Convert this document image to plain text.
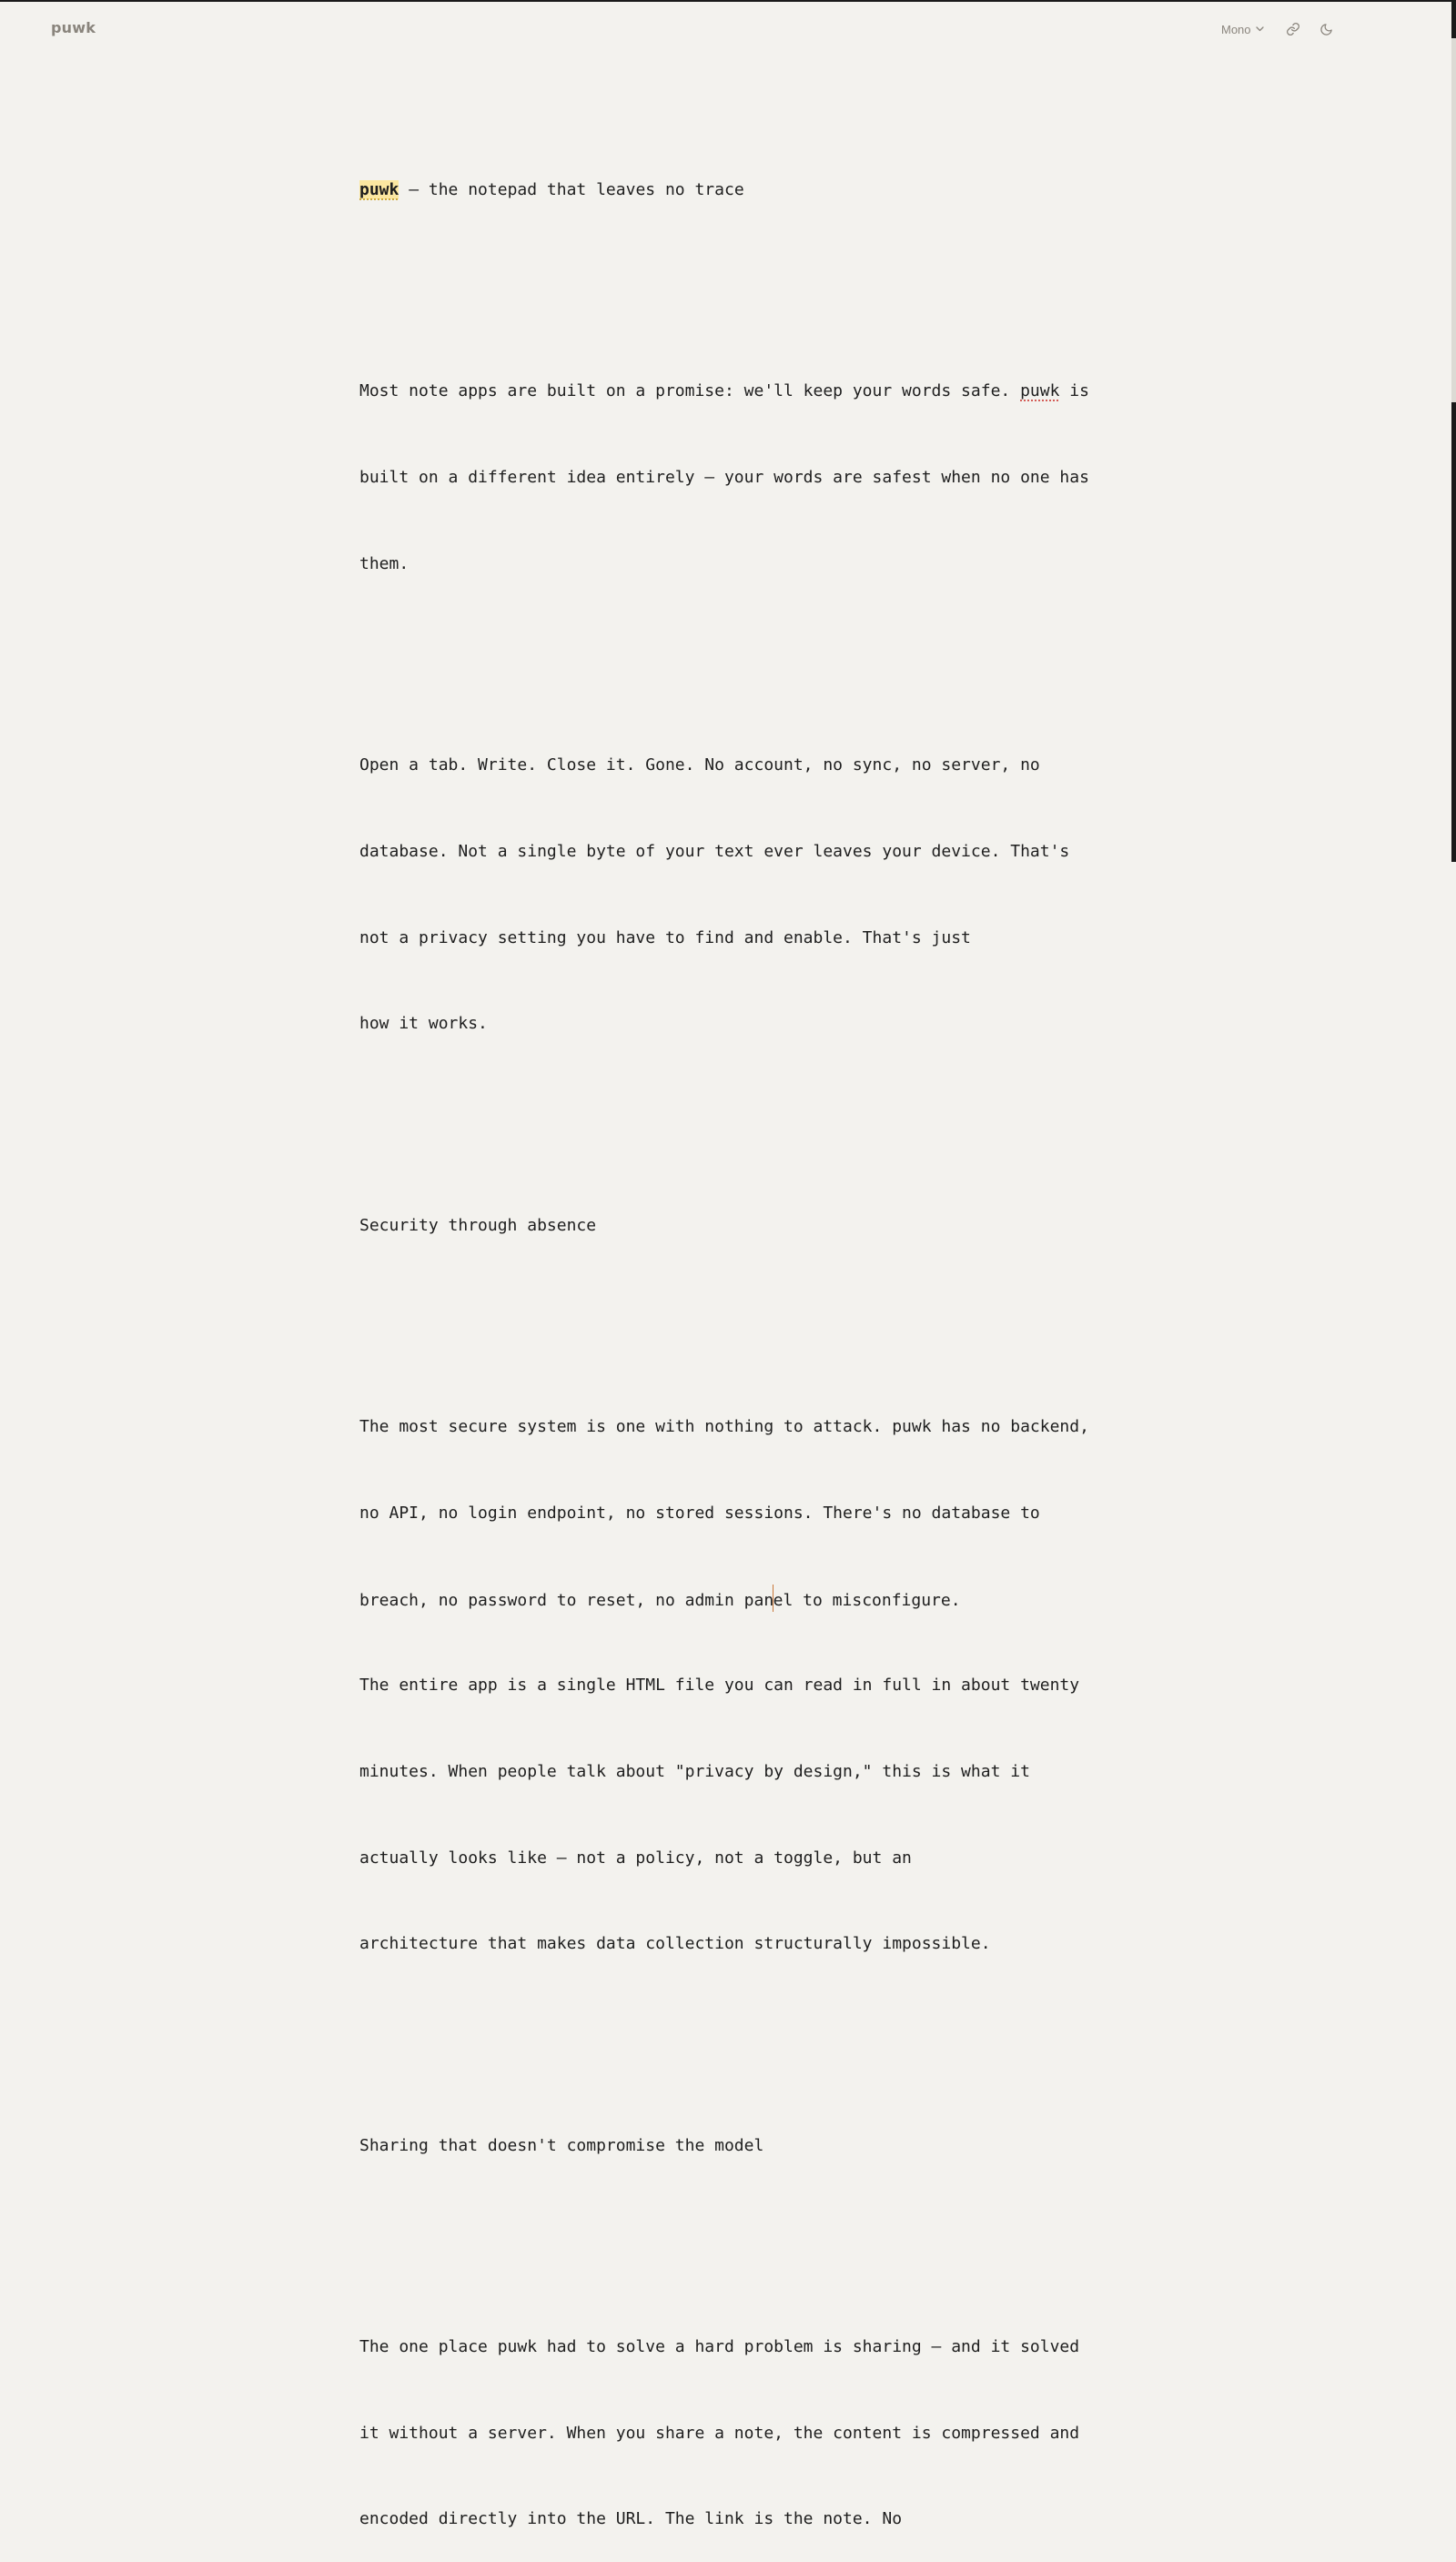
puwk	Mono

puwk — the notepad that leaves no trace

Most note apps are built on a promise: we'll keep your words safe. puwk is

built on a different idea entirely — your words are safest when no one has

them.

Open a tab. Write. Close it. Gone. No account, no sync, no server, no

database. Not a single byte of your text ever leaves your device. That's

not a privacy setting you have to find and enable. That's just

how it works.

Security through absence

The most secure system is one with nothing to attack. puwk has no backend,

no API, no login endpoint, no stored sessions. There's no database to

breach, no password to reset, no admin panel to misconfigure.

The entire app is a single HTML file you can read in full in about twenty

minutes. When people talk about "privacy by design," this is what it

actually looks like — not a policy, not a toggle, but an

architecture that makes data collection structurally impossible.

Sharing that doesn't compromise the model

The one place puwk had to solve a hard problem is sharing — and it solved

it without a server. When you share a note, the content is compressed and

encoded directly into the URL. The link is the note. No
